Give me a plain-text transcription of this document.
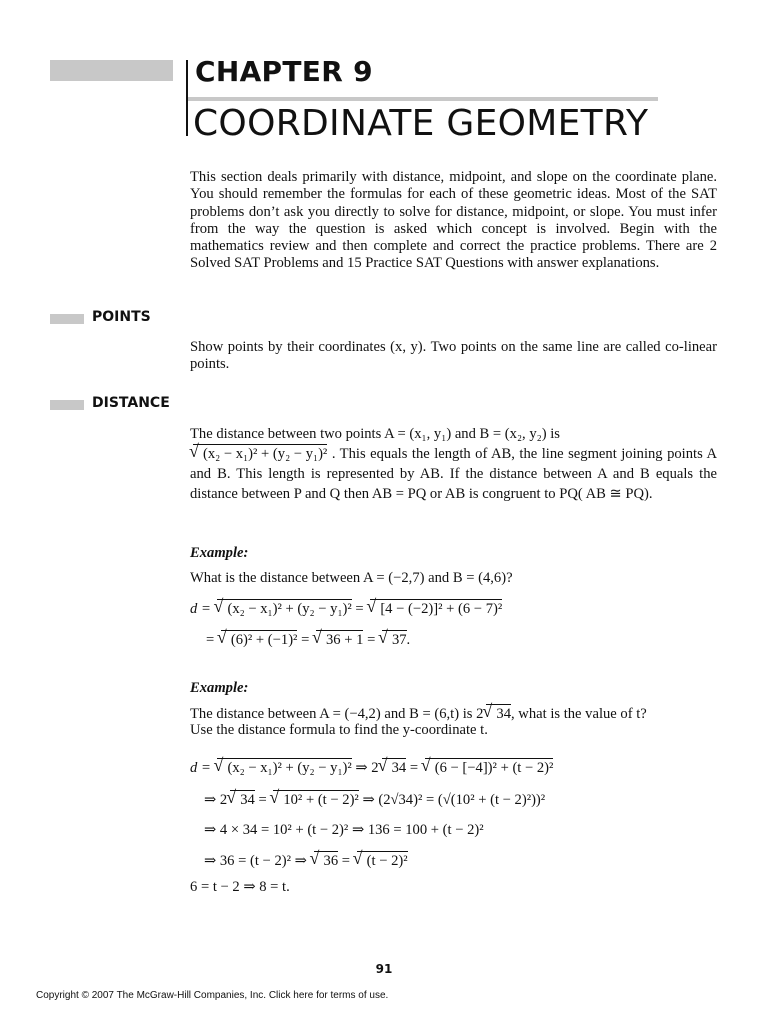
CHAPTER 9
COORDINATE GEOMETRY
This section deals primarily with distance, midpoint, and slope on the coordinate plane. You should remember the formulas for each of these geometric ideas. Most of the SAT problems don’t ask you directly to solve for distance, midpoint, or slope. You must infer from the way the question is asked which concept is involved. Begin with the mathematics review and then complete and correct the practice problems. There are 2 Solved SAT Problems and 15 Practice SAT Questions with answer explanations.
POINTS
Show points by their coordinates (x, y). Two points on the same line are called co-linear points.
DISTANCE
The distance between two points A = (x₁, y₁) and B = (x₂, y₂) is
√ (x₂ − x₁)² + (y₂ − y₁)² . This equals the length of AB, the line segment joining points A and B. This length is represented by AB. If the distance between A and B equals the distance between P and Q then AB = PQ or AB is congruent to PQ( AB ≅ PQ).
Example:
What is the distance between A = (−2,7) and B = (4,6)?
d = √ (x₂ − x₁)² + (y₂ − y₁)² = √ [4 − (−2)]² + (6 − 7)²
= √ (6)² + (−1)² = √ 36 + 1 = √ 37.
Example:
The distance between A = (−4,2) and B = (6,t) is 2 √ 34, what is the value of t?
Use the distance formula to find the y-coordinate t.
d = √ (x₂ − x₁)² + (y₂ − y₁)² ⇒ 2 √ 34 = √ (6 − [−4])² + (t − 2)²
⇒ 2 √ 34 = √ 10² + (t − 2)² ⇒ (2√34)² = (√(10² + (t − 2)²))²
⇒ 4 × 34 = 10² + (t − 2)² ⇒ 136 = 100 + (t − 2)²
⇒ 36 = (t − 2)² ⇒ √ 36 = √ (t − 2)²
6 = t − 2 ⇒ 8 = t.
91
Copyright © 2007 The McGraw-Hill Companies, Inc. Click here for terms of use.
